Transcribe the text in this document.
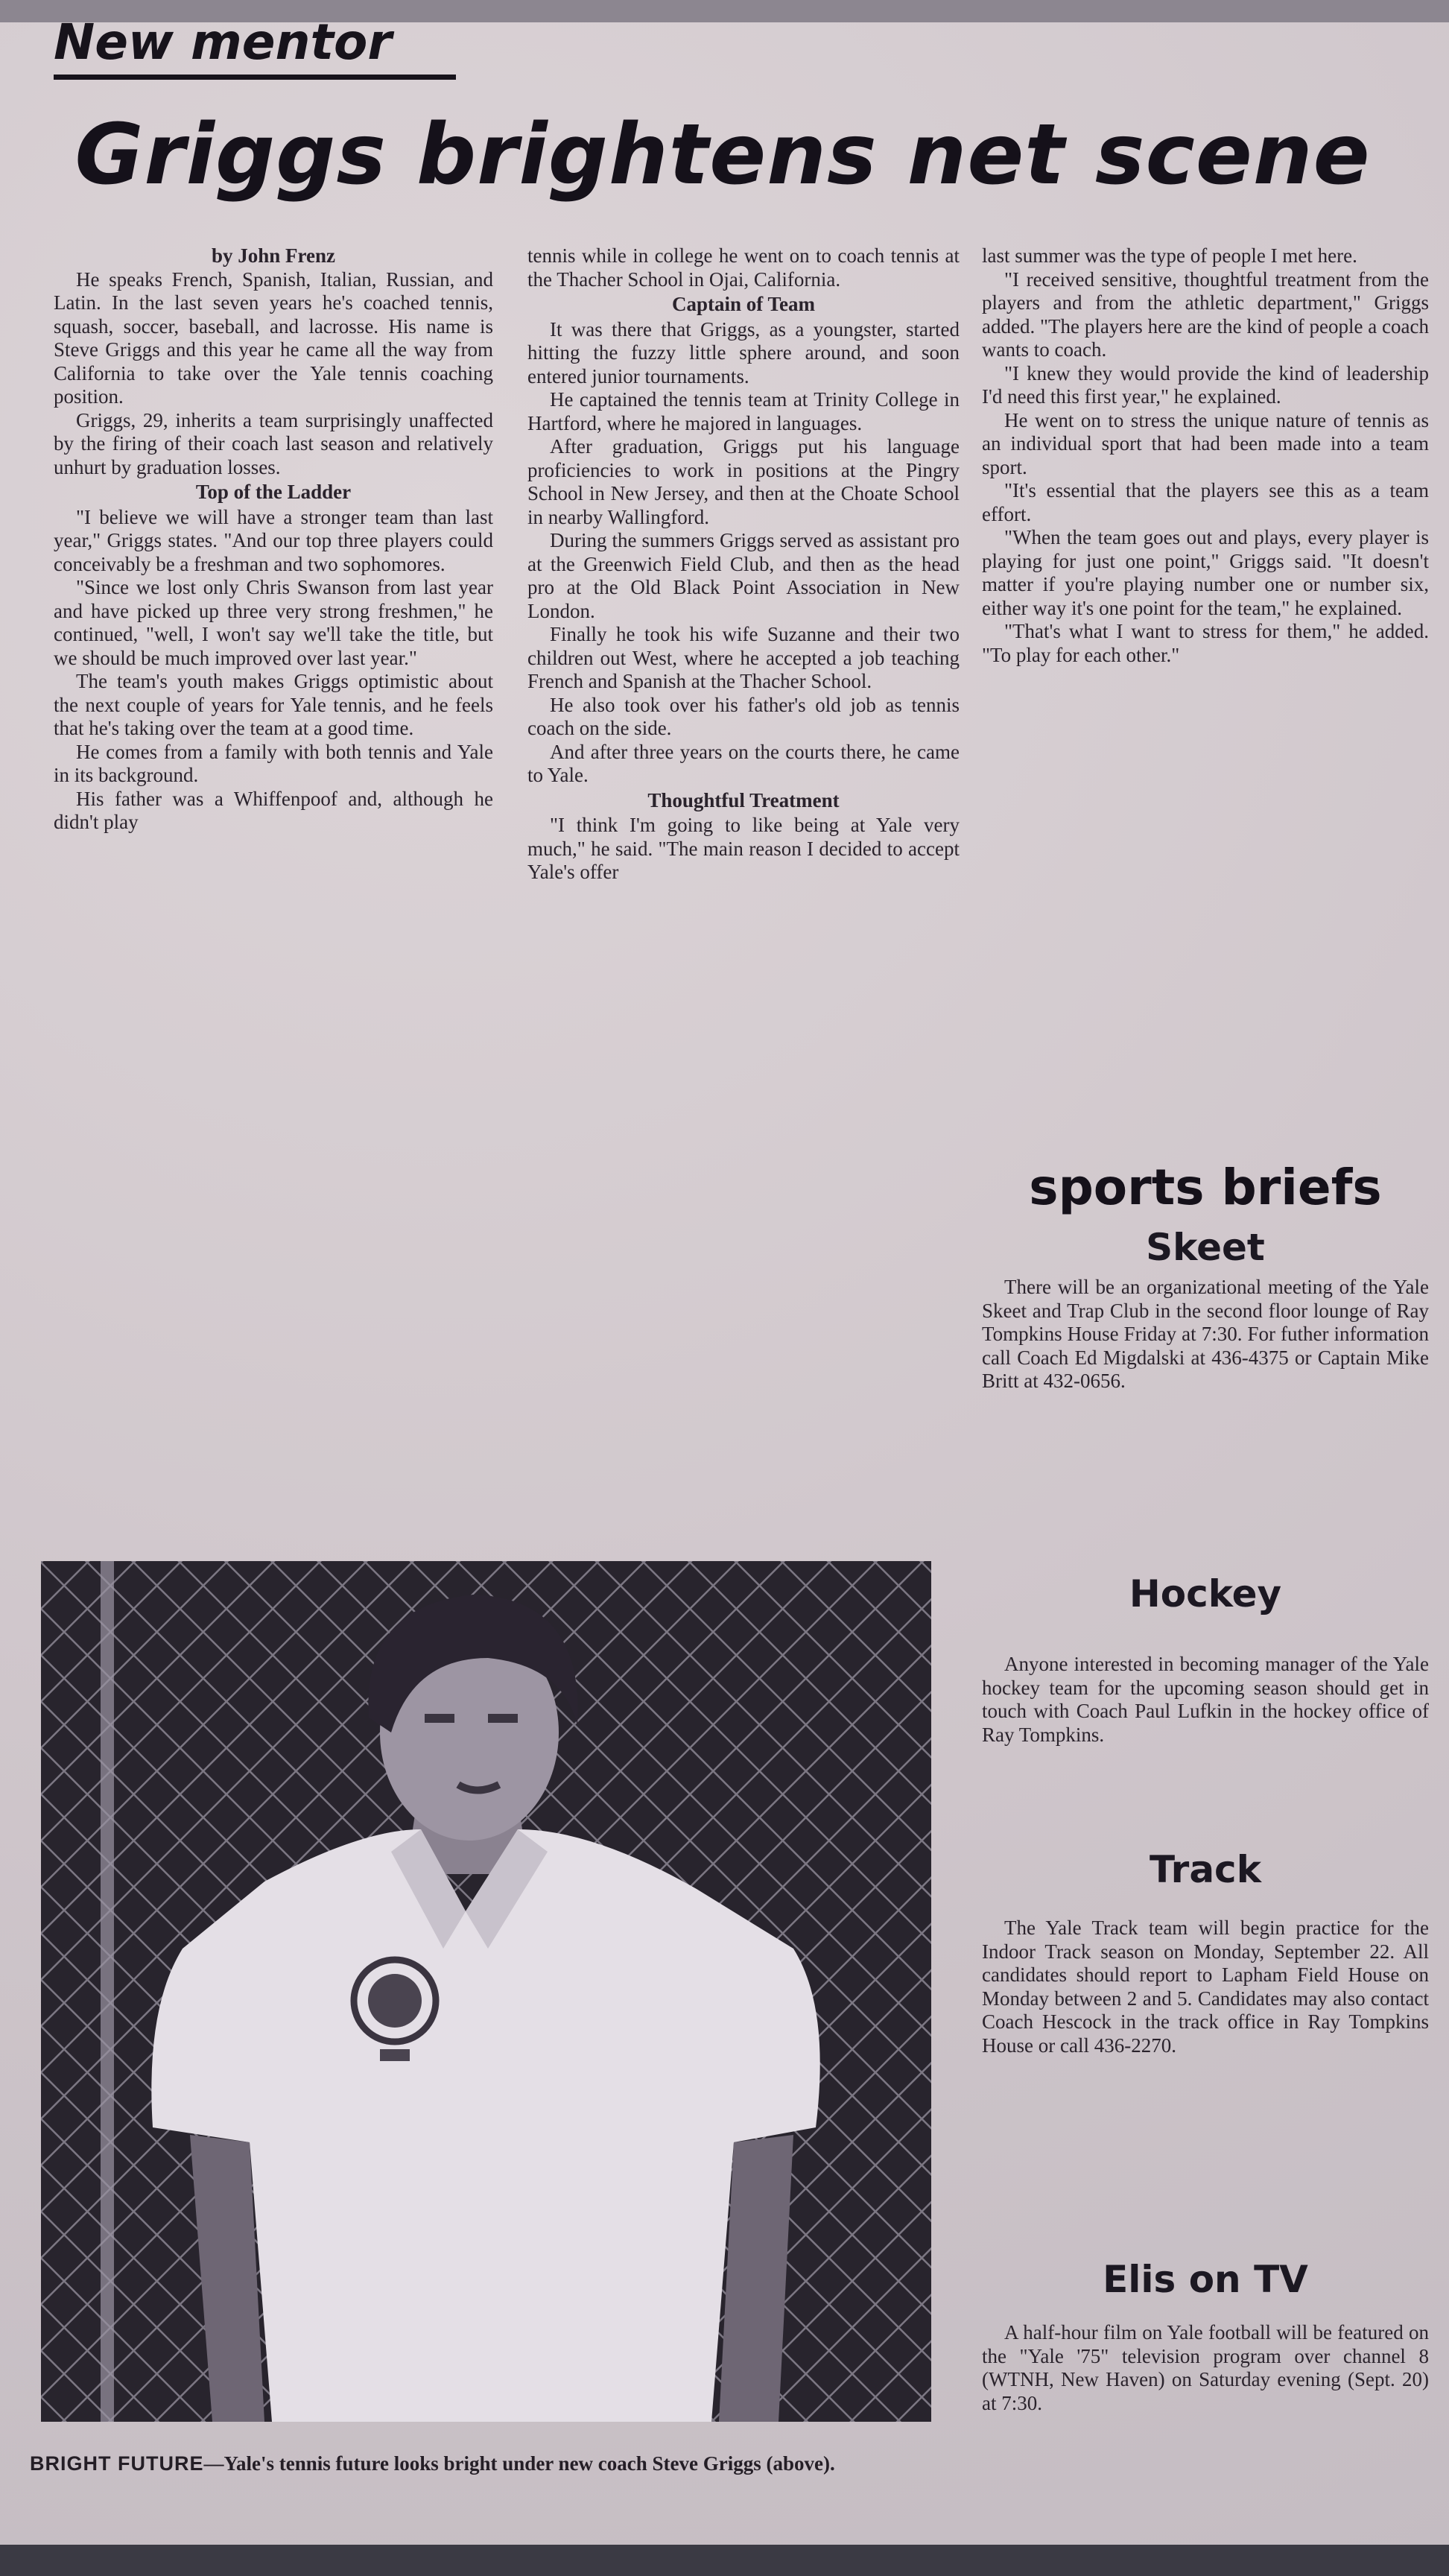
New mentor
Griggs brightens net scene

by John Frenz

He speaks French, Spanish, Italian, Russian, and Latin. In the last seven years he's coached tennis, squash, soccer, baseball, and lacrosse. His name is Steve Griggs and this year he came all the way from California to take over the Yale tennis coaching position.

Griggs, 29, inherits a team surprisingly unaffected by the firing of their coach last season and relatively unhurt by graduation losses.

Top of the Ladder

"I believe we will have a stronger team than last year," Griggs states. "And our top three players could conceivably be a freshman and two sophomores.

"Since we lost only Chris Swanson from last year and have picked up three very strong freshmen," he continued, "well, I won't say we'll take the title, but we should be much improved over last year."

The team's youth makes Griggs optimistic about the next couple of years for Yale tennis, and he feels that he's taking over the team at a good time.

He comes from a family with both tennis and Yale in its background.

His father was a Whiffenpoof and, although he didn't play

tennis while in college he went on to coach tennis at the Thacher School in Ojai, California.

Captain of Team

It was there that Griggs, as a youngster, started hitting the fuzzy little sphere around, and soon entered junior tournaments.

He captained the tennis team at Trinity College in Hartford, where he majored in languages.

After graduation, Griggs put his language proficiencies to work in positions at the Pingry School in New Jersey, and then at the Choate School in nearby Wallingford.

During the summers Griggs served as assistant pro at the Greenwich Field Club, and then as the head pro at the Old Black Point Association in New London.

Finally he took his wife Suzanne and their two children out West, where he accepted a job teaching French and Spanish at the Thacher School.

He also took over his father's old job as tennis coach on the side.

And after three years on the courts there, he came to Yale.

Thoughtful Treatment

"I think I'm going to like being at Yale very much," he said. "The main reason I decided to accept Yale's offer

last summer was the type of people I met here.

"I received sensitive, thoughtful treatment from the players and from the athletic department," Griggs added. "The players here are the kind of people a coach wants to coach.

"I knew they would provide the kind of leadership I'd need this first year," he explained.

He went on to stress the unique nature of tennis as an individual sport that had been made into a team sport.

"It's essential that the players see this as a team effort.

"When the team goes out and plays, every player is playing for just one point," Griggs said. "It doesn't matter if you're playing number one or number six, either way it's one point for the team," he explained.

"That's what I want to stress for them," he added. "To play for each other."

sports briefs
Skeet

There will be an organizational meeting of the Yale Skeet and Trap Club in the second floor lounge of Ray Tompkins House Friday at 7:30. For futher information call Coach Ed Migdalski at 436-4375 or Captain Mike Britt at 432-0656.

Hockey

Anyone interested in becoming manager of the Yale hockey team for the upcoming season should get in touch with Coach Paul Lufkin in the hockey office of Ray Tompkins.

Track

The Yale Track team will begin practice for the Indoor Track season on Monday, September 22. All candidates should report to Lapham Field House on Monday between 2 and 5. Candidates may also contact Coach Hescock in the track office in Ray Tompkins House or call 436-2270.

Elis on TV

A half-hour film on Yale football will be featured on the "Yale '75" television program over channel 8 (WTNH, New Haven) on Saturday evening (Sept. 20) at 7:30.

BRIGHT FUTURE—Yale's tennis future looks bright under new coach Steve Griggs (above).
